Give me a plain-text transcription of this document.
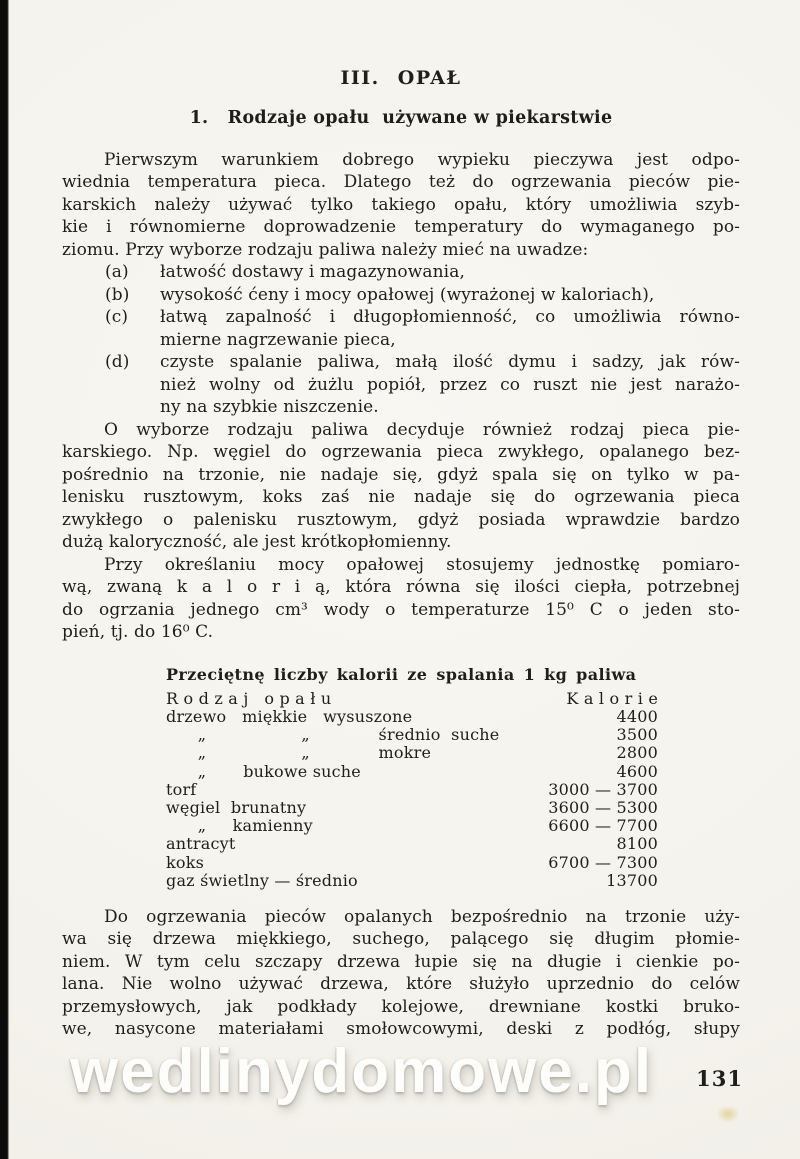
III. OPAŁ
1.   Rodzaje opału  używane w piekarstwie
Pierwszym warunkiem dobrego wypieku pieczywa jest odpo-
wiednia temperatura pieca. Dlatego też do ogrzewania pieców pie-
karskich należy używać tylko takiego opału, który umożliwia szyb-
kie i równomierne doprowadzenie temperatury do wymaganego po-
ziomu. Przy wyborze rodzaju paliwa należy mieć na uwadze:
(a) łatwość dostawy i magazynowania,
(b) wysokość ćeny i mocy opałowej (wyrażonej w kaloriach),
(c) łatwą zapalność i długopłomienność, co umożliwia równo-
mierne nagrzewanie pieca,
(d) czyste spalanie paliwa, małą ilość dymu i sadzy, jak rów-
nież wolny od żużlu popiół, przez co ruszt nie jest narażo-
ny na szybkie niszczenie.
O wyborze rodzaju paliwa decyduje również rodzaj pieca pie-
karskiego. Np. węgiel do ogrzewania pieca zwykłego, opalanego bez-
pośrednio na trzonie, nie nadaje się, gdyż spala się on tylko w pa-
lenisku rusztowym, koks zaś nie nadaje się do ogrzewania pieca
zwykłego o palenisku rusztowym, gdyż posiada wprawdzie bardzo
dużą kaloryczność, ale jest krótkopłomienny.
Przy określaniu mocy opałowej stosujemy jednostkę pomiaro-
wą, zwaną k a l o r i ą, która równa się ilości ciepła, potrzebnej
do ogrzania jednego cm³ wody o temperaturze 15⁰ C o jeden sto-
pień, tj. do 16⁰ C.
Przeciętnę liczby kalorii ze spalania 1 kg paliwa
R o d z a j   o p a ł u	K a l o r i e
drzewo   miękkie   wysuszone	4400
„                  „             średnio  suche	3500
„                  „             mokre	2800
„       bukowe suche	4600
torf	3000 — 3700
węgiel  brunatny	3600 — 5300
„     kamienny	6600 — 7700
antracyt	8100
koks	6700 — 7300
gaz świetlny — średnio	13700
Do ogrzewania pieców opalanych bezpośrednio na trzonie uży-
wa się drzewa miękkiego, suchego, palącego się długim płomie-
niem. W tym celu szczapy drzewa łupie się na długie i cienkie po-
lana. Nie wolno używać drzewa, które służyło uprzednio do celów
przemysłowych, jak podkłady kolejowe, drewniane kostki bruko-
we, nasycone materiałami smołowcowymi, deski z podłóg, słupy
wedlinydomowe.pl 131
